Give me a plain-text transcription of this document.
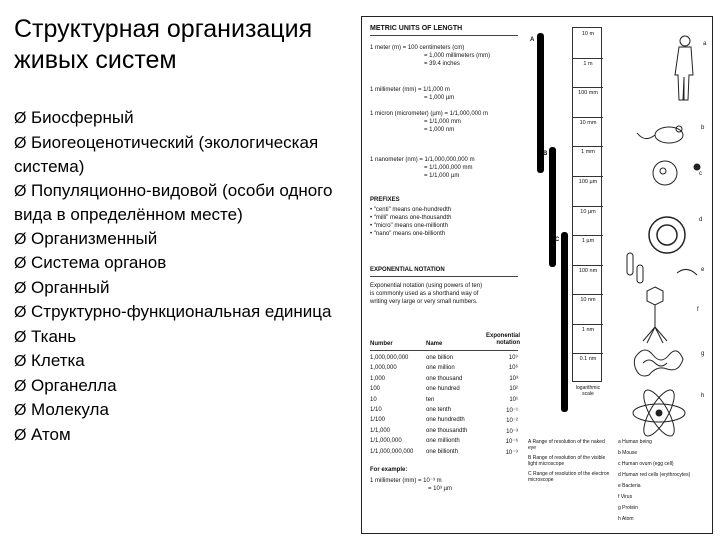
Структурная организация живых систем
Ø Биосферный
Ø Биогеоценотический (экологическая система)
Ø Популяционно-видовой (особи одного вида в определённом месте)
Ø Организменный
Ø Система органов
Ø Органный
Ø Структурно-функциональная единица
Ø Ткань
Ø Клетка
Ø Органелла
Ø Молекула
Ø Атом
METRIC UNITS OF LENGTH
1 meter (m) = 100 centimeters (cm)
= 1,000 millimeters (mm)
= 39.4 inches
1 millimeter (mm) = 1/1,000 m
= 1,000 µm
1 micron (micrometer) (µm) = 1/1,000,000 m
= 1/1,000 mm
= 1,000 nm
1 nanometer (nm) = 1/1,000,000,000 m
= 1/1,000,000 mm
= 1/1,000 µm
PREFIXES
• "centi" means one-hundredth
• "milli" means one-thousandth
• "micro" means one-millionth
• "nano" means one-billionth
EXPONENTIAL NOTATION
Exponential notation (using powers of ten)
is commonly used as a shorthand way of
writing very large or very small numbers.
Number	Name
Exponential notation
1,000,000,000	one billion	10⁹
1,000,000	one million	10⁶
1,000	one thousand	10³
100	one hundred	10²
10	ten	10¹
1/10	one tenth	10⁻¹
1/100	one hundredth	10⁻²
1/1,000	one thousandth	10⁻³
1/1,000,000	one millionth	10⁻⁶
1/1,000,000,000 one billionth	10⁻⁹
For example:
1 millimeter (mm) = 10⁻³ m
= 10³ µm
A
B
C
10 m
1 m
100 mm
10 mm
1 mm
100 µm
10 µm
1 µm
100 nm
10 nm
1 nm
0.1 nm
logarithmic scale
a
b
c
d
e
f
g
h
A Range of resolution of the naked eye
B Range of resolution of the visible light microscope
C Range of resolution of the electron microscope
a Human being
b Mouse
c Human ovum (egg cell)
d Human red cells (erythrocytes)
e Bacteria
f Virus
g Protein
h Atom
